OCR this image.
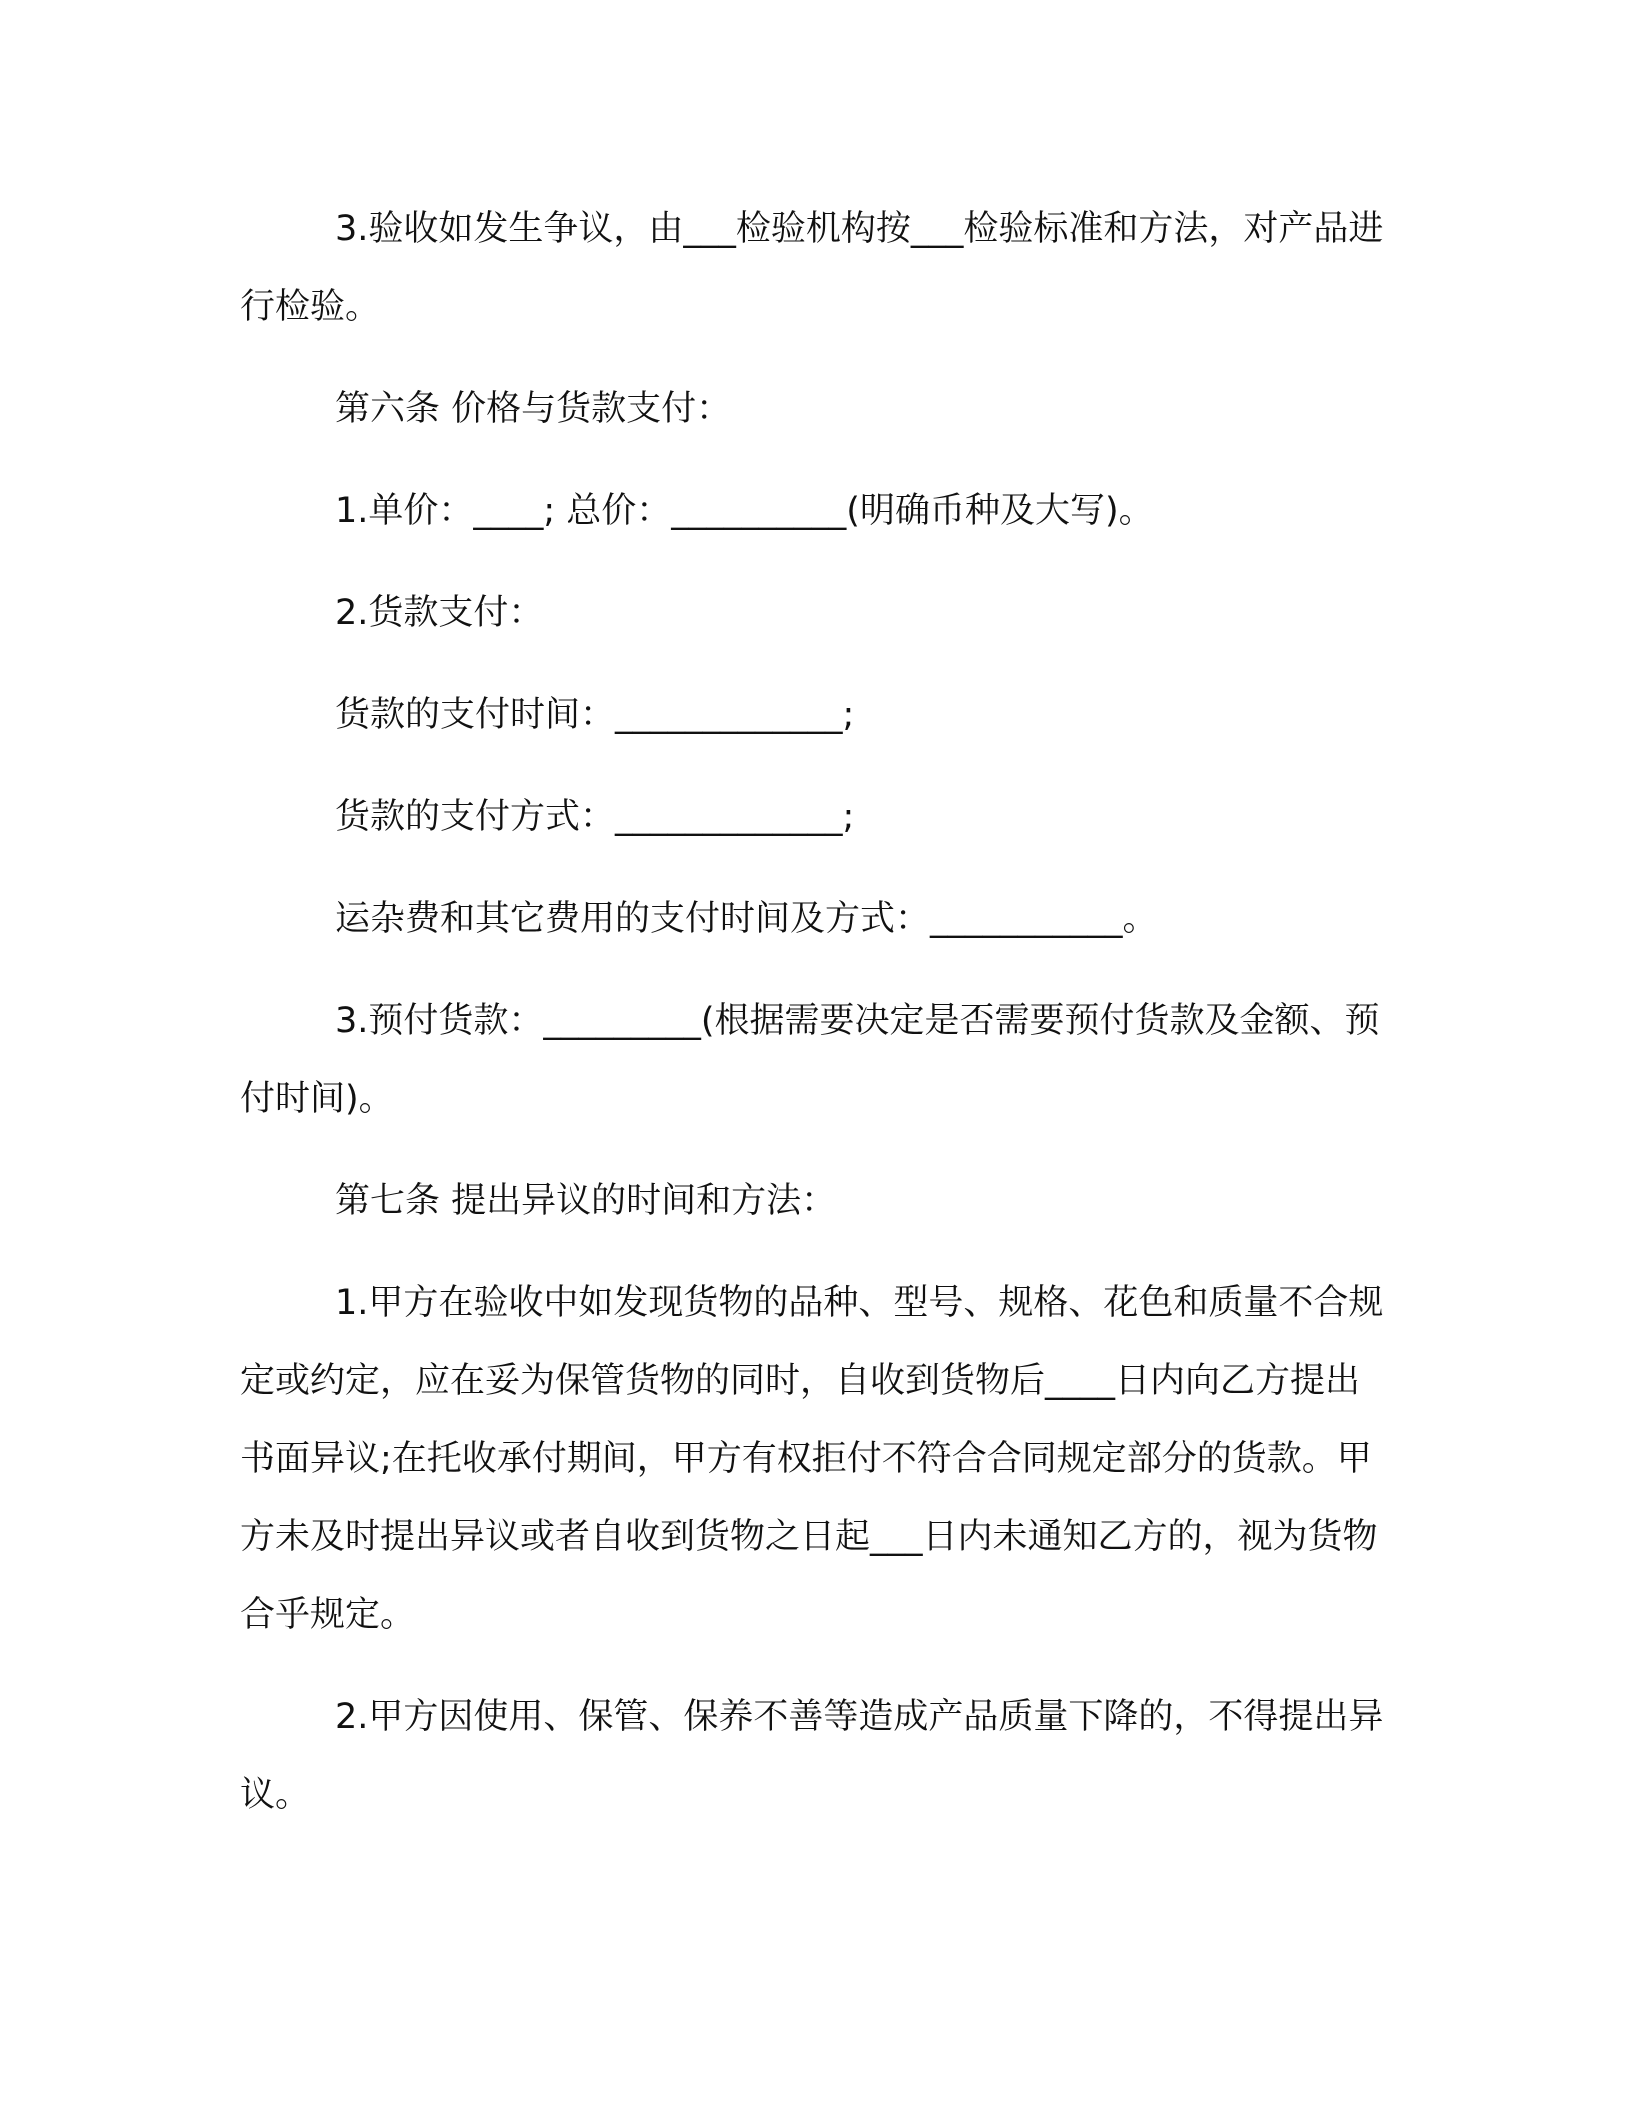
3.验收如发生争议，由___检验机构按___检验标准和方法，对产品进行检验。

第六条 价格与货款支付：

1.单价：____; 总价：__________(明确币种及大写)。

2.货款支付：

货款的支付时间：_____________;

货款的支付方式：_____________;

运杂费和其它费用的支付时间及方式：___________。

3.预付货款：_________(根据需要决定是否需要预付货款及金额、预付时间)。

第七条 提出异议的时间和方法：

1.甲方在验收中如发现货物的品种、型号、规格、花色和质量不合规定或约定，应在妥为保管货物的同时，自收到货物后____日内向乙方提出书面异议;在托收承付期间，甲方有权拒付不符合合同规定部分的货款。甲方未及时提出异议或者自收到货物之日起___日内未通知乙方的，视为货物合乎规定。

2.甲方因使用、保管、保养不善等造成产品质量下降的，不得提出异议。
